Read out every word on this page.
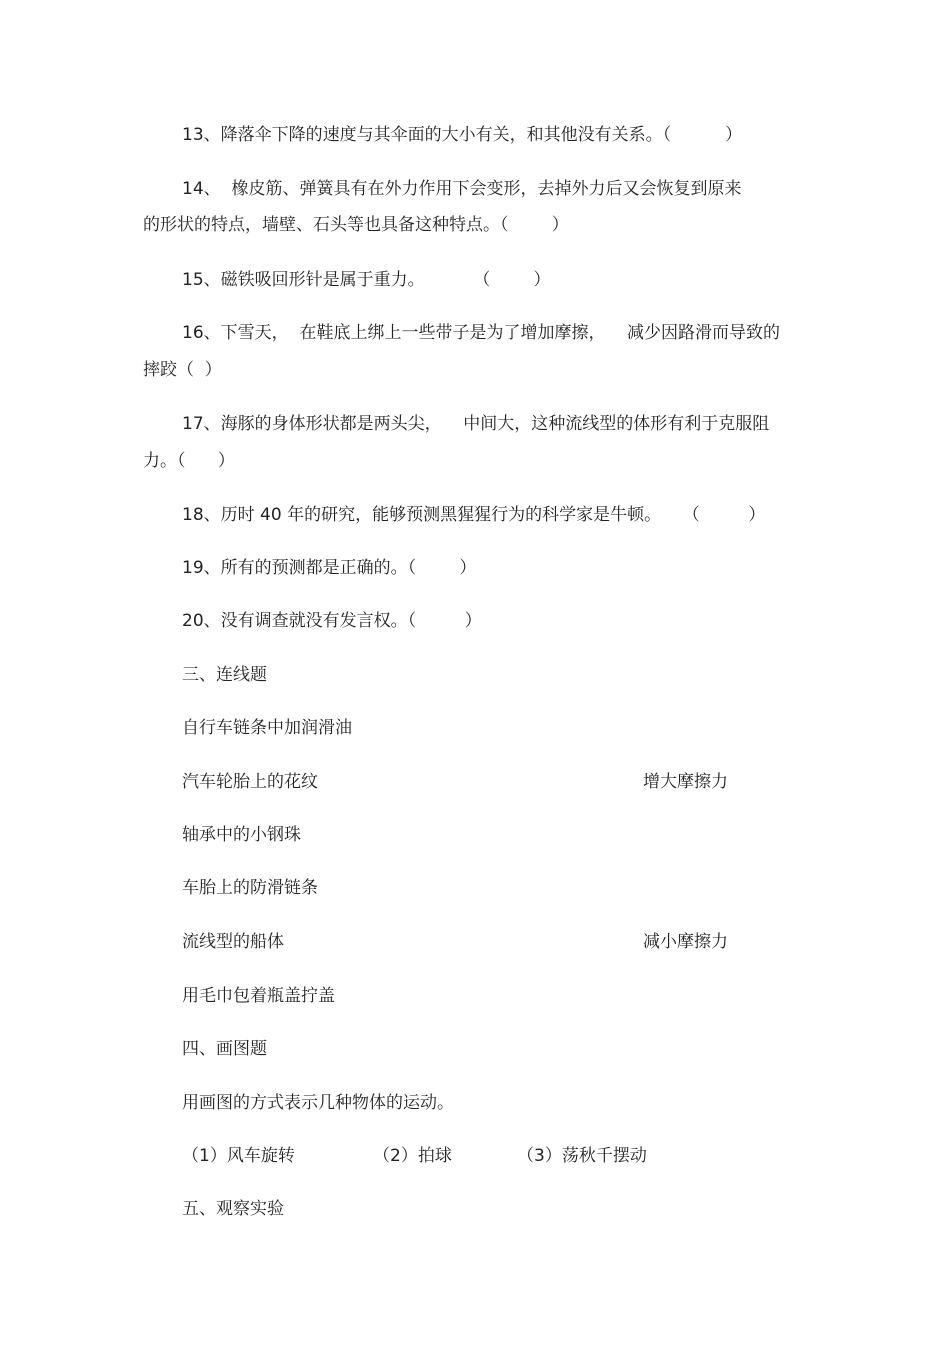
13、降落伞下降的速度与其伞面的大小有关，和其他没有关系。（          ）
14、  橡皮筋、弹簧具有在外力作用下会变形，去掉外力后又会恢复到原来
的形状的特点，墙壁、石头等也具备这种特点。（        ）
15、磁铁吸回形针是属于重力。         （        ）
16、下雪天，  在鞋底上绑上一些带子是为了增加摩擦，    减少因路滑而导致的
摔跤（  ）
17、海豚的身体形状都是两头尖，    中间大，这种流线型的体形有利于克服阻
力。（      ）
18、历时 40 年的研究，能够预测黑猩猩行为的科学家是牛顿。    （         ）
19、所有的预测都是正确的。（        ）
20、没有调查就没有发言权。（         ）
三、连线题
自行车链条中加润滑油
汽车轮胎上的花纹	增大摩擦力
轴承中的小钢珠
车胎上的防滑链条
流线型的船体	减小摩擦力
用毛巾包着瓶盖拧盖
四、画图题
用画图的方式表示几种物体的运动。
（1）风车旋转	（2）拍球	（3）荡秋千摆动
五、观察实验
